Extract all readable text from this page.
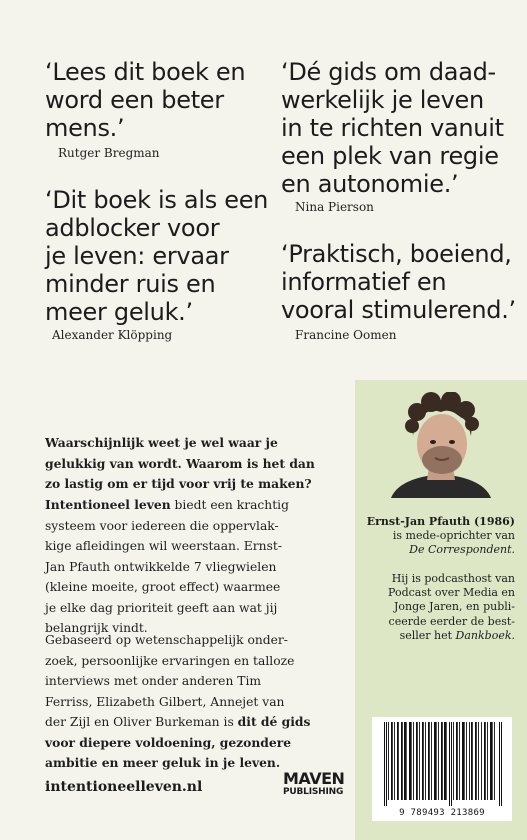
‘Lees dit boek en
word een beter
mens.’
Rutger Bregman
‘Dé gids om daad-
werkelijk je leven
in te richten vanuit
een plek van regie
en autonomie.’
Nina Pierson
‘Dit boek is als een
adblocker voor
je leven: ervaar
minder ruis en
meer geluk.’
Alexander Klöpping
‘Praktisch, boeiend,
informatief en
vooral stimulerend.’
Francine Oomen
Waarschijnlijk weet je wel waar je
gelukkig van wordt. Waarom is het dan
zo lastig om er tijd voor vrij te maken?
Intentioneel leven biedt een krachtig
systeem voor iedereen die oppervlak-
kige afleidingen wil weerstaan. Ernst-
Jan Pfauth ontwikkelde 7 vliegwielen
(kleine moeite, groot effect) waarmee
je elke dag prioriteit geeft aan wat jij
belangrijk vindt.
Gebaseerd op wetenschappelijk onder-
zoek, persoonlijke ervaringen en talloze
interviews met onder anderen Tim
Ferriss, Elizabeth Gilbert, Annejet van
der Zijl en Oliver Burkeman is dit dé gids
voor diepere voldoening, gezondere
ambitie en meer geluk in je leven.
Ernst-Jan Pfauth (1986)
is mede-oprichter van
De Correspondent.
Hij is podcasthost van
Podcast over Media en
Jonge Jaren, en publi-
ceerde eerder de best-
seller het Dankboek.
intentioneelleven.nl	MAVEN
PUBLISHING
9 789493 213869
